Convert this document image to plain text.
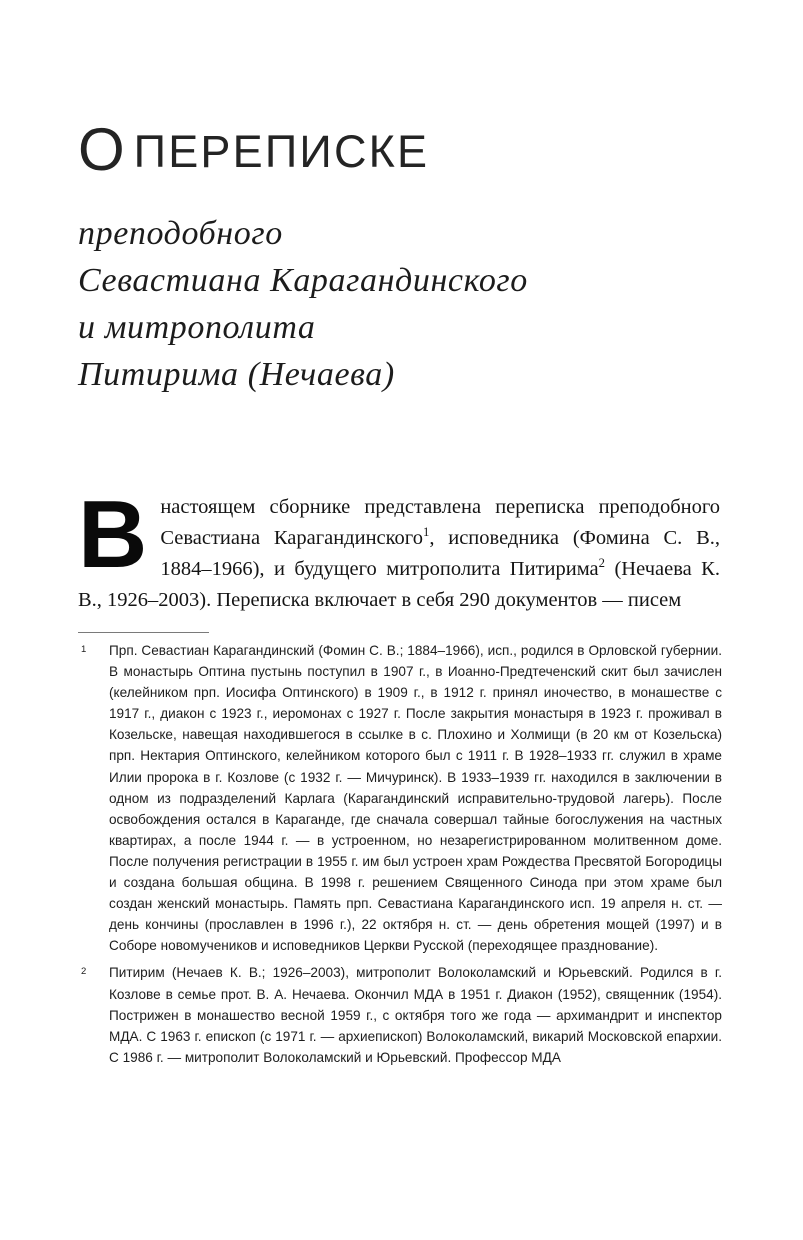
О ПЕРЕПИСКЕ
преподобного
Севастиана Карагандинского
и митрополита
Питирима (Нечаева)

В настоящем сборнике представлена переписка преподобного Севастиана Карагандинского$^1$, исповедника (Фомина С. В., 1884–1966), и будущего митрополита Питирима$^2$ (Нечаева К. В., 1926–2003). Переписка включает в себя 290 документов — писем

1 Прп. Севастиан Карагандинский (Фомин С. В.; 1884–1966), исп., родился в Орловской губернии. В монастырь Оптина пустынь поступил в 1907 г., в Иоанно-Предтеченский скит был зачислен (келейником прп. Иосифа Оптинского) в 1909 г., в 1912 г. принял иночество, в монашестве с 1917 г., диакон с 1923 г., иеромонах с 1927 г. После закрытия монастыря в 1923 г. проживал в Козельске, навещая находившегося в ссылке в с. Плохино и Холмищи (в 20 км от Козельска) прп. Нектария Оптинского, келейником которого был с 1911 г. В 1928–1933 гг. служил в храме Илии пророка в г. Козлове (с 1932 г. — Мичуринск). В 1933–1939 гг. находился в заключении в одном из подразделений Карлага (Карагандинский исправительно-трудовой лагерь). После освобождения остался в Караганде, где сначала совершал тайные богослужения на частных квартирах, а после 1944 г. — в устроенном, но незарегистрированном молитвенном доме. После получения регистрации в 1955 г. им был устроен храм Рождества Пресвятой Богородицы и создана большая община. В 1998 г. решением Священного Синода при этом храме был создан женский монастырь. Память прп. Севастиана Карагандинского исп. 19 апреля н. ст. — день кончины (прославлен в 1996 г.), 22 октября н. ст. — день обретения мощей (1997) и в Соборе новомучеников и исповедников Церкви Русской (переходящее празднование).
2 Питирим (Нечаев К. В.; 1926–2003), митрополит Волоколамский и Юрьевский. Родился в г. Козлове в семье прот. В. А. Нечаева. Окончил МДА в 1951 г. Диакон (1952), священник (1954). Пострижен в монашество весной 1959 г., с октября того же года — архимандрит и инспектор МДА. С 1963 г. епископ (с 1971 г. — архиепископ) Волоколамский, викарий Московской епархии. С 1986 г. — митрополит Волоколамский и Юрьевский. Профессор МДА
